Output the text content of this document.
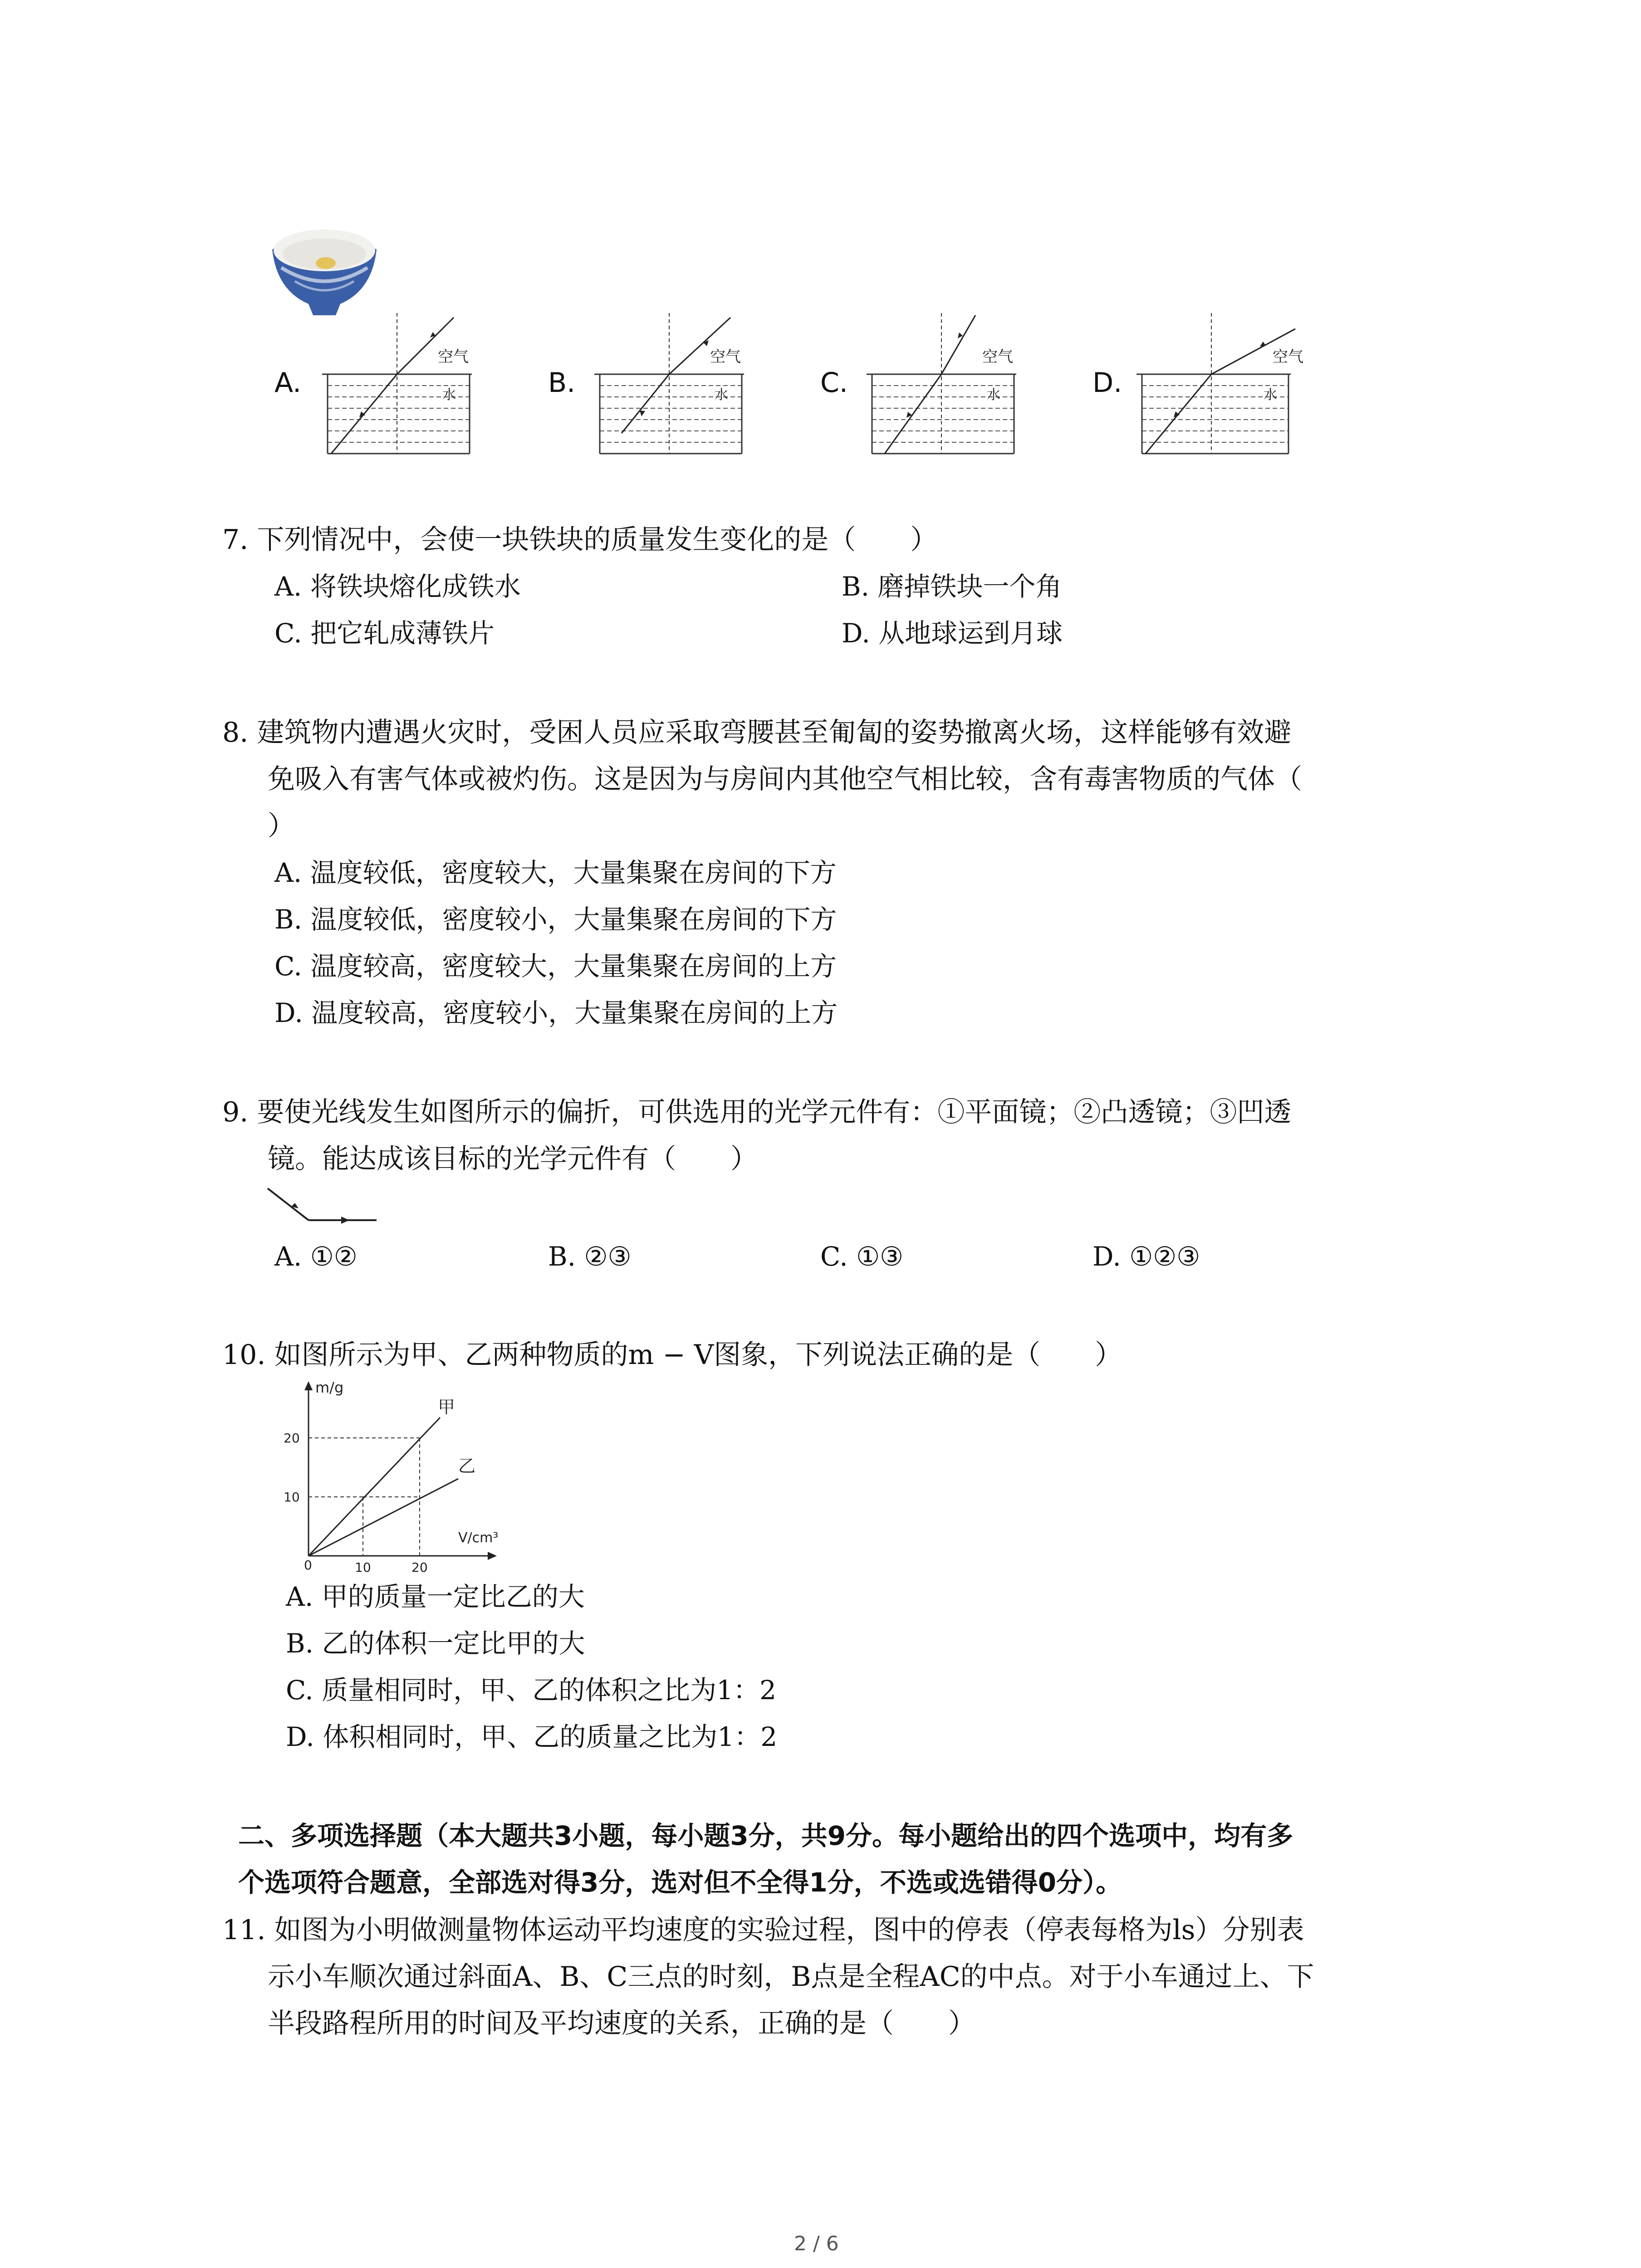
A.
空气
水	B.
空气
水	C.
空气
水	D.
空气
水
7. 下列情况中，会使一块铁块的质量发生变化的是（　　）
A. 将铁块熔化成铁水	B. 磨掉铁块一个角
C. 把它轧成薄铁片	D. 从地球运到月球
8. 建筑物内遭遇火灾时，受困人员应采取弯腰甚至匍匐的姿势撤离火场，这样能够有效避
免吸入有害气体或被灼伤。这是因为与房间内其他空气相比较，含有毒害物质的气体（
）
A. 温度较低，密度较大，大量集聚在房间的下方
B. 温度较低，密度较小，大量集聚在房间的下方
C. 温度较高，密度较大，大量集聚在房间的上方
D. 温度较高，密度较小，大量集聚在房间的上方
9. 要使光线发生如图所示的偏折，可供选用的光学元件有：①平面镜；②凸透镜；③凹透
镜。能达成该目标的光学元件有（　　）
A. ①②	B. ②③	C. ①③	D. ①②③
10. 如图所示为甲、乙两种物质的m − V图象，下列说法正确的是（　　）
m/g
V/cm³
0	10	20
10
20
甲
乙
A. 甲的质量一定比乙的大
B. 乙的体积一定比甲的大
C. 质量相同时，甲、乙的体积之比为1：2
D. 体积相同时，甲、乙的质量之比为1：2
二、多项选择题（本大题共3小题，每小题3分，共9分。每小题给出的四个选项中，均有多
个选项符合题意，全部选对得3分，选对但不全得1分，不选或选错得0分）。
11. 如图为小明做测量物体运动平均速度的实验过程，图中的停表（停表每格为ls）分别表
示小车顺次通过斜面A、B、C三点的时刻，B点是全程AC的中点。对于小车通过上、下
半段路程所用的时间及平均速度的关系，正确的是（　　）
2 / 6
